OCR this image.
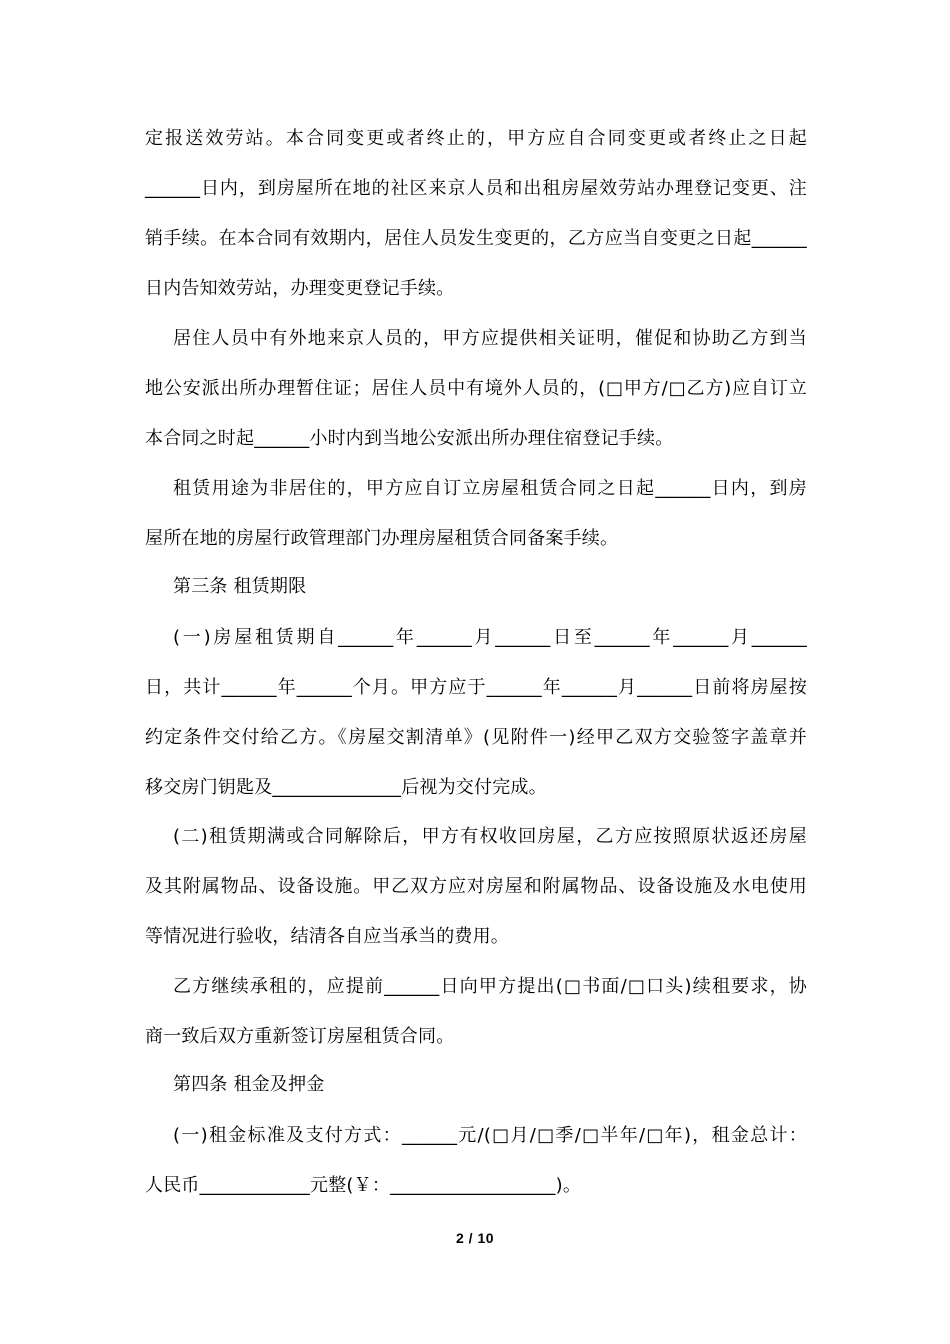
定报送效劳站。本合同变更或者终止的，甲方应自合同变更或者终止之日起
______日内，到房屋所在地的社区来京人员和出租房屋效劳站办理登记变更、注
销手续。在本合同有效期内，居住人员发生变更的，乙方应当自变更之日起______
日内告知效劳站，办理变更登记手续。
居住人员中有外地来京人员的，甲方应提供相关证明，催促和协助乙方到当
地公安派出所办理暂住证；居住人员中有境外人员的，(□甲方/□乙方)应自订立
本合同之时起______小时内到当地公安派出所办理住宿登记手续。
租赁用途为非居住的，甲方应自订立房屋租赁合同之日起______日内，到房
屋所在地的房屋行政管理部门办理房屋租赁合同备案手续。
第三条 租赁期限
(一)房屋租赁期自______年______月______日至______年______月______
日，共计______年______个月。甲方应于______年______月______日前将房屋按
约定条件交付给乙方。《房屋交割清单》(见附件一)经甲乙双方交验签字盖章并
移交房门钥匙及______________后视为交付完成。
(二)租赁期满或合同解除后，甲方有权收回房屋，乙方应按照原状返还房屋
及其附属物品、设备设施。甲乙双方应对房屋和附属物品、设备设施及水电使用
等情况进行验收，结清各自应当承当的费用。
乙方继续承租的，应提前______日向甲方提出(□书面/□口头)续租要求，协
商一致后双方重新签订房屋租赁合同。
第四条 租金及押金
(一)租金标准及支付方式：______元/(□月/□季/□半年/□年)，租金总计：
人民币____________元整(￥：__________________)。
2 / 10
